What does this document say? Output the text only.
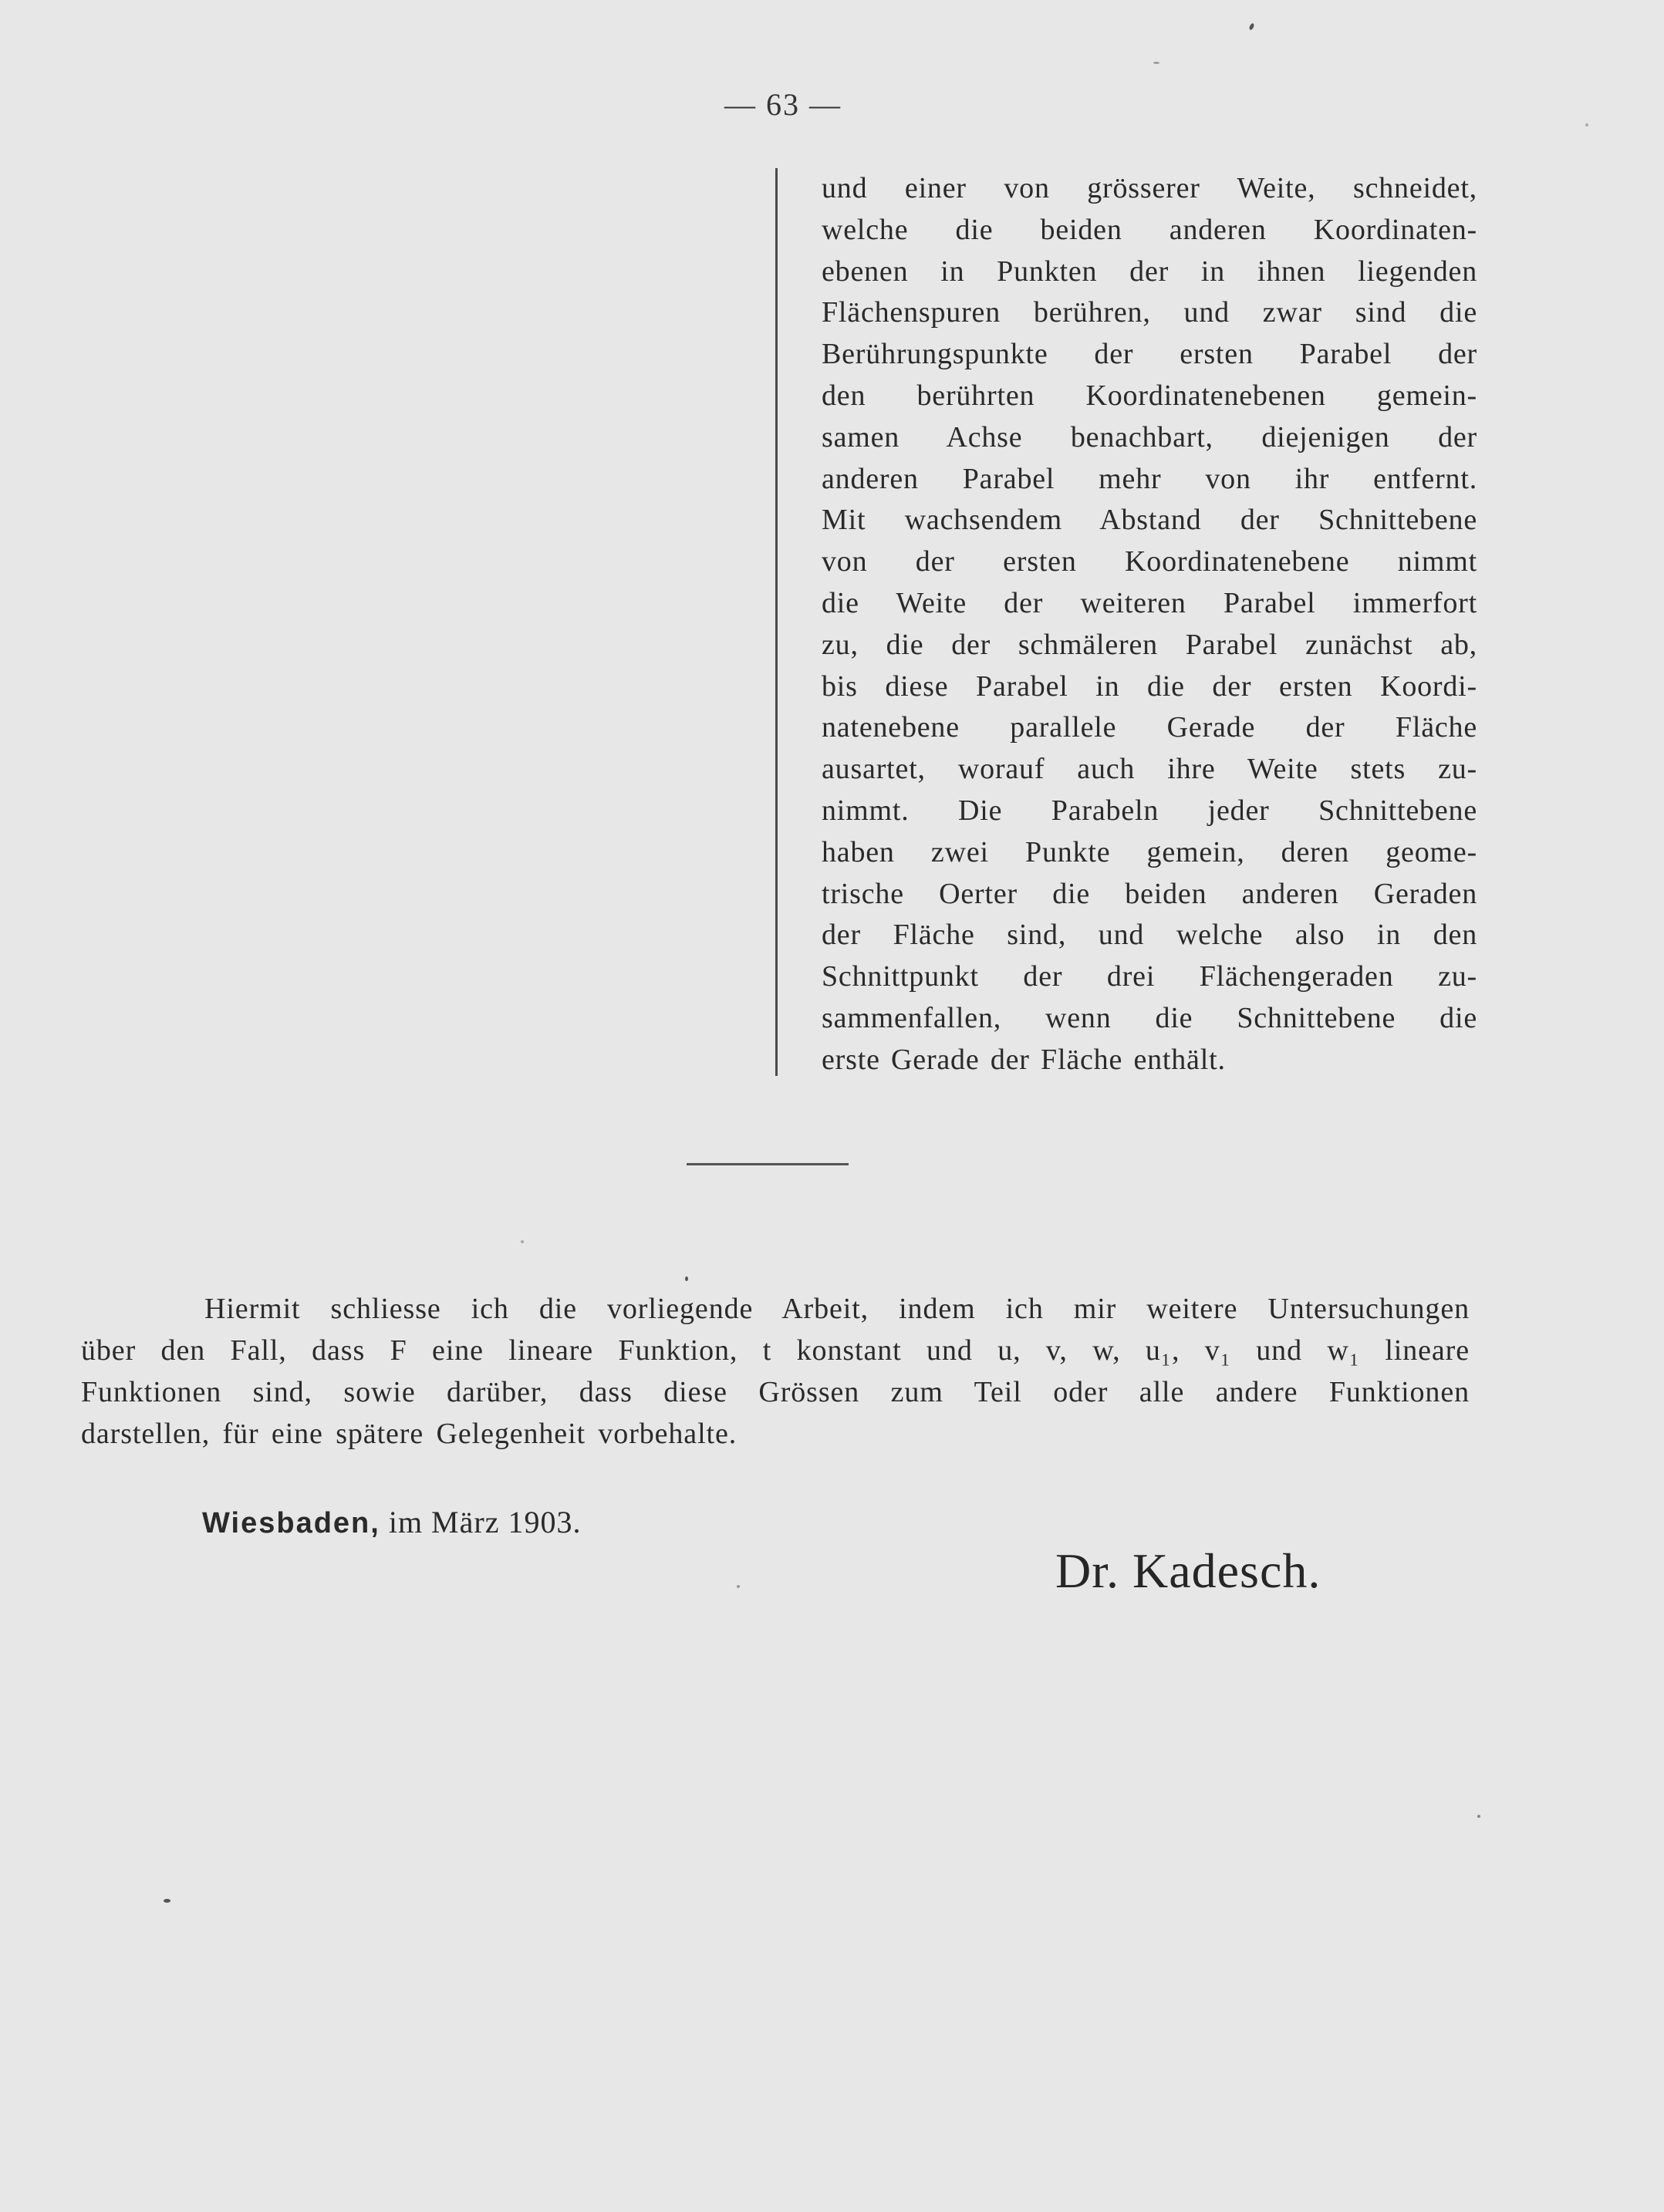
— 63 —
und einer von grösserer Weite, schneidet,
welche die beiden anderen Koordinaten-
ebenen in Punkten der in ihnen liegenden
Flächenspuren berühren, und zwar sind die
Berührungspunkte der ersten Parabel der
den berührten Koordinatenebenen gemein-
samen Achse benachbart, diejenigen der
anderen Parabel mehr von ihr entfernt.
Mit wachsendem Abstand der Schnittebene
von der ersten Koordinatenebene nimmt
die Weite der weiteren Parabel immerfort
zu, die der schmäleren Parabel zunächst ab,
bis diese Parabel in die der ersten Koordi-
natenebene parallele Gerade der Fläche
ausartet, worauf auch ihre Weite stets zu-
nimmt. Die Parabeln jeder Schnittebene
haben zwei Punkte gemein, deren geome-
trische Oerter die beiden anderen Geraden
der Fläche sind, und welche also in den
Schnittpunkt der drei Flächengeraden zu-
sammenfallen, wenn die Schnittebene die
erste Gerade der Fläche enthält.
Hiermit schliesse ich die vorliegende Arbeit, indem ich mir weitere Untersuchungen
über den Fall, dass F eine lineare Funktion, t konstant und u, v, w, u₁, v₁ und w₁ lineare
Funktionen sind, sowie darüber, dass diese Grössen zum Teil oder alle andere Funktionen
darstellen, für eine spätere Gelegenheit vorbehalte.
Wiesbaden, im März 1903.
Dr. Kadesch.
